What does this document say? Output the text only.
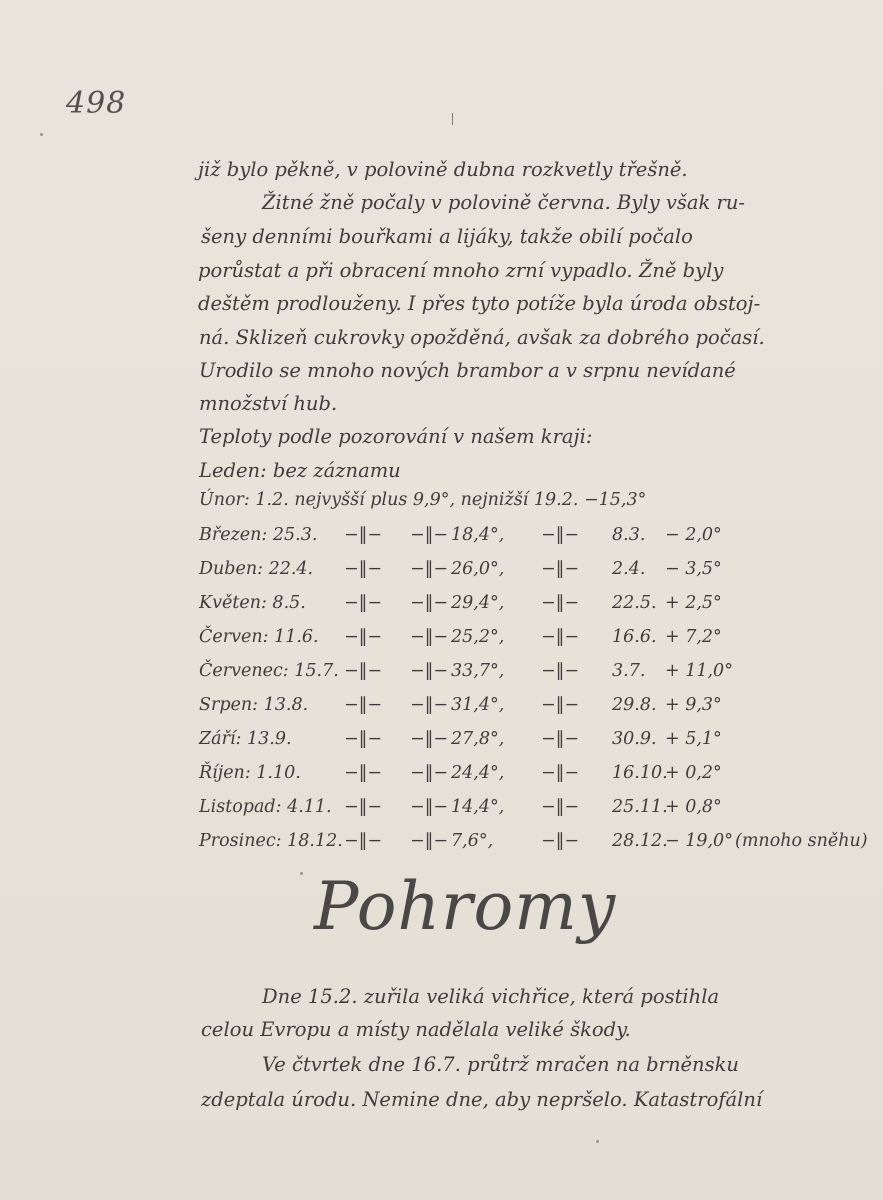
498
již bylo pěkně, v polovině dubna rozkvetly třešně.
Žitné žně počaly v polovině června. Byly však ru-
šeny denními bouřkami a lijáky, takže obilí počalo
porůstat a při obracení mnoho zrní vypadlo. Žně byly
deštěm prodlouženy. I přes tyto potíže byla úroda obstoj-
ná. Sklizeň cukrovky opožděná, avšak za dobrého počasí.
Urodilo se mnoho nových brambor a v srpnu nevídané
množství hub.
Teploty podle pozorování v našem kraji:
Leden: bez záznamu
Únor: 1.2. nejvyšší plus 9,9°, nejnižší 19.2. −15,3°
Březen: 25.3. −‖− −‖− 18,4°, −‖− 8.3. − 2,0°
Duben: 22.4. −‖− −‖− 26,0°, −‖− 2.4. − 3,5°
Květen: 8.5. −‖− −‖− 29,4°, −‖− 22.5. + 2,5°
Červen: 11.6. −‖− −‖− 25,2°, −‖− 16.6. + 7,2°
Červenec: 15.7. −‖− −‖− 33,7°, −‖− 3.7. + 11,0°
Srpen: 13.8. −‖− −‖− 31,4°, −‖− 29.8. + 9,3°
Září: 13.9.	−‖− −‖− 27,8°, −‖− 30.9. + 5,1°
Říjen: 1.10. −‖− −‖− 24,4°, −‖− 16.10.
+ 0,2°
Listopad: 4.11. −‖− −‖− 14,4°, −‖− 25.11.
+ 0,8°
Prosinec: 18.12. −‖− −‖− 7,6°,	−‖− 28.12.
− 19,0° (mnoho sněhu)
Pohromy
Dne 15.2. zuřila veliká vichřice, která postihla
celou Evropu a místy nadělala veliké škody.
Ve čtvrtek dne 16.7. průtrž mračen na brněnsku
zdeptala úrodu. Nemine dne, aby nepršelo. Katastrofální
